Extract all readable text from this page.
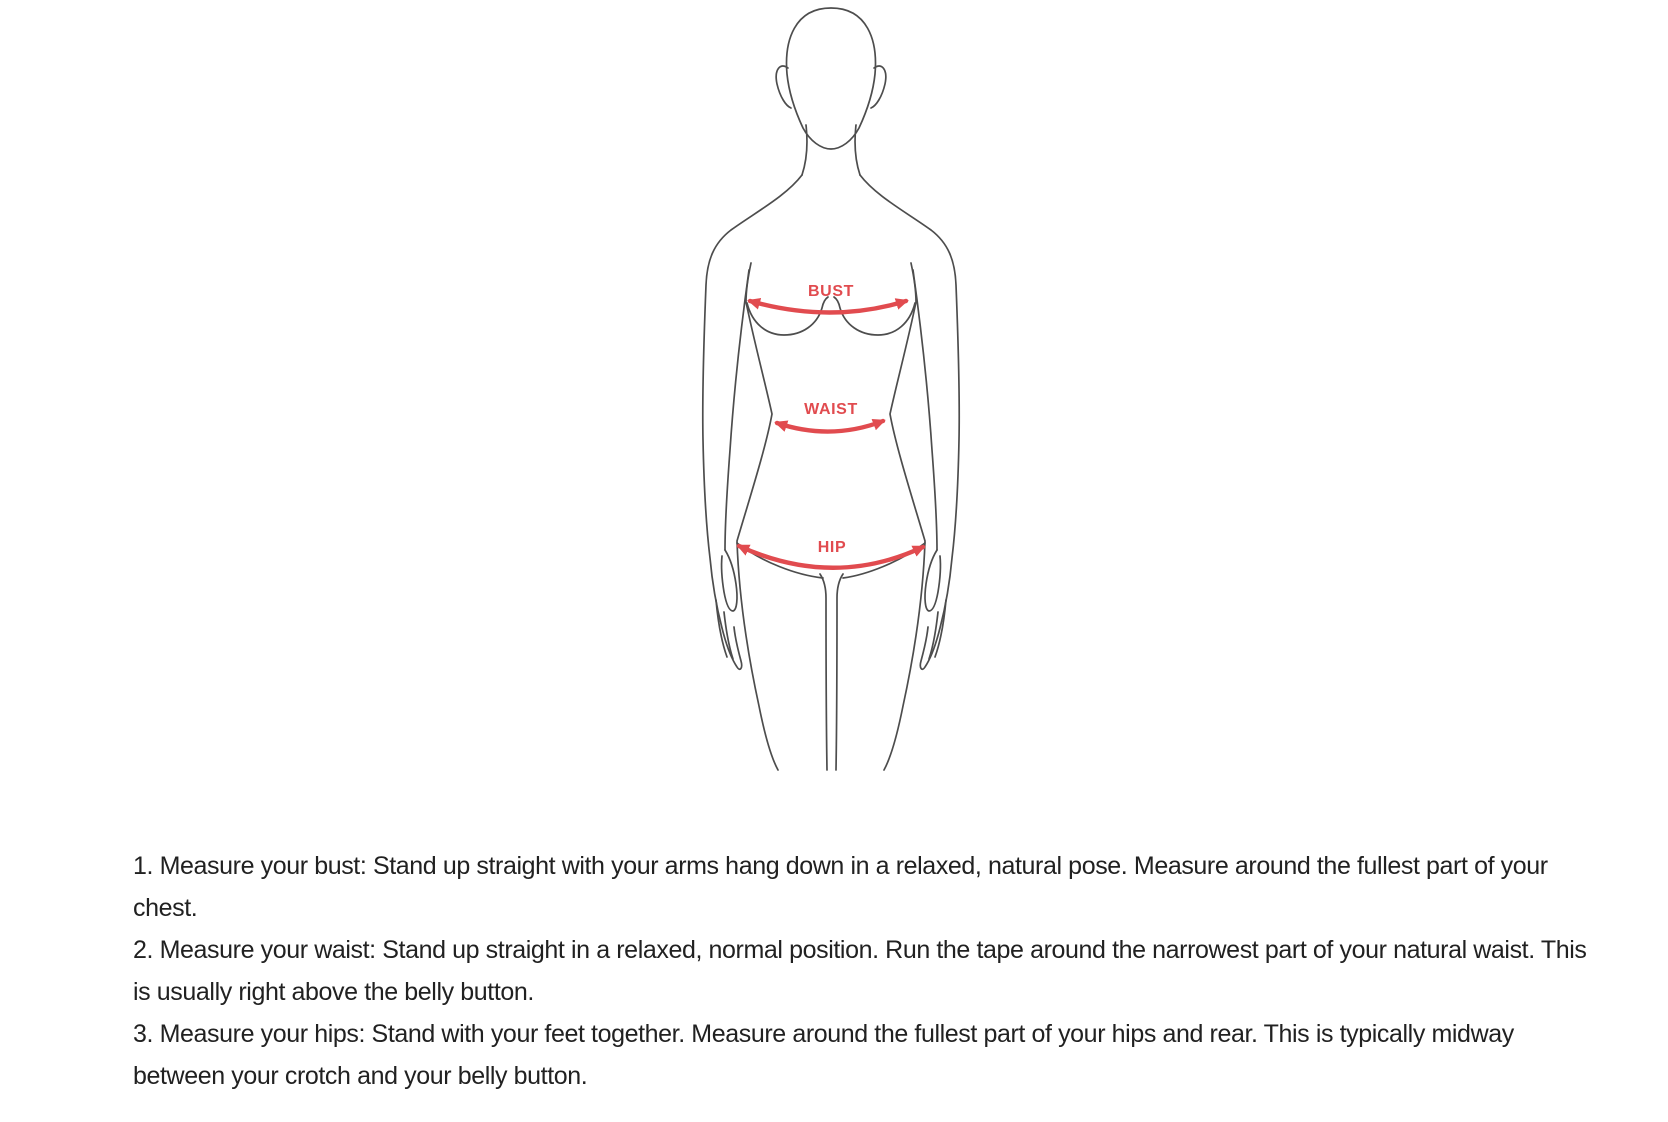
BUST
WAIST
HIP

1. Measure your bust: Stand up straight with your arms hang down in a relaxed, natural pose. Measure around the fullest part of your chest.

2. Measure your waist: Stand up straight in a relaxed, normal position. Run the tape around the narrowest part of your natural waist. This is usually right above the belly button.

3. Measure your hips: Stand with your feet together. Measure around the fullest part of your hips and rear. This is typically midway between your crotch and your belly button.
